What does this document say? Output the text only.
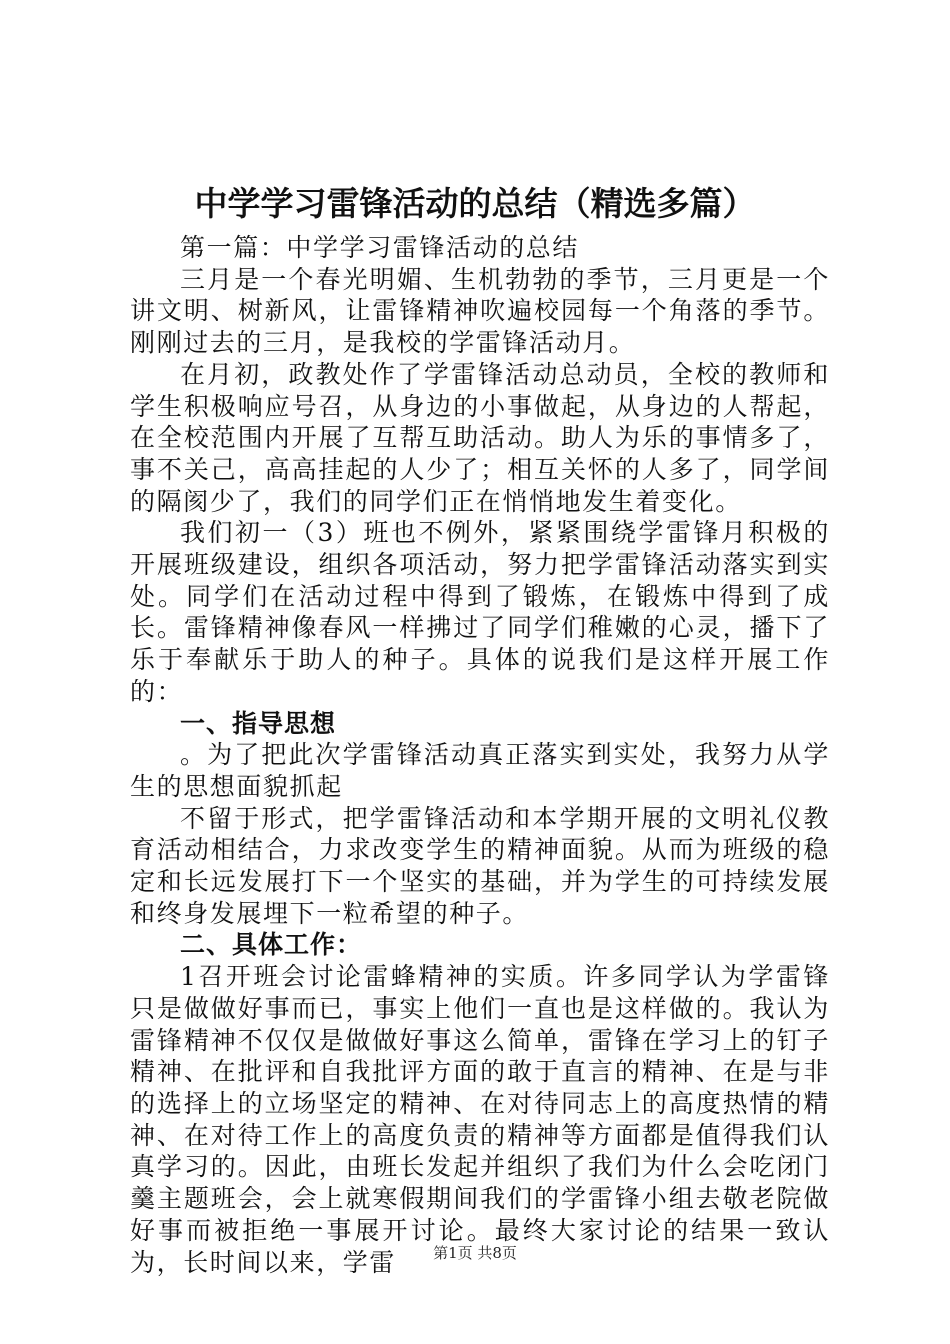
中学学习雷锋活动的总结（精选多篇）

第一篇：中学学习雷锋活动的总结

三月是一个春光明媚、生机勃勃的季节，三月更是一个讲文明、树新风，让雷锋精神吹遍校园每一个角落的季节。刚刚过去的三月，是我校的学雷锋活动月。

在月初，政教处作了学雷锋活动总动员，全校的教师和学生积极响应号召，从身边的小事做起，从身边的人帮起，在全校范围内开展了互帮互助活动。助人为乐的事情多了，事不关己，高高挂起的人少了；相互关怀的人多了，同学间的隔阂少了，我们的同学们正在悄悄地发生着变化。

我们初一（3）班也不例外，紧紧围绕学雷锋月积极的开展班级建设，组织各项活动，努力把学雷锋活动落实到实处。同学们在活动过程中得到了锻炼，在锻炼中得到了成长。雷锋精神像春风一样拂过了同学们稚嫩的心灵，播下了乐于奉献乐于助人的种子。具体的说我们是这样开展工作的：

一、指导思想

。为了把此次学雷锋活动真正落实到实处，我努力从学生的思想面貌抓起

不留于形式，把学雷锋活动和本学期开展的文明礼仪教育活动相结合，力求改变学生的精神面貌。从而为班级的稳定和长远发展打下一个坚实的基础，并为学生的可持续发展和终身发展埋下一粒希望的种子。

二、具体工作：

1召开班会讨论雷蜂精神的实质。许多同学认为学雷锋只是做做好事而已，事实上他们一直也是这样做的。我认为雷锋精神不仅仅是做做好事这么简单，雷锋在学习上的钉子精神、在批评和自我批评方面的敢于直言的精神、在是与非的选择上的立场坚定的精神、在对待同志上的高度热情的精神、在对待工作上的高度负责的精神等方面都是值得我们认真学习的。因此，由班长发起并组织了我们为什么会吃闭门羹主题班会，会上就寒假期间我们的学雷锋小组去敬老院做好事而被拒绝一事展开讨论。最终大家讨论的结果一致认为，长时间以来，学雷	第1页 共8页
